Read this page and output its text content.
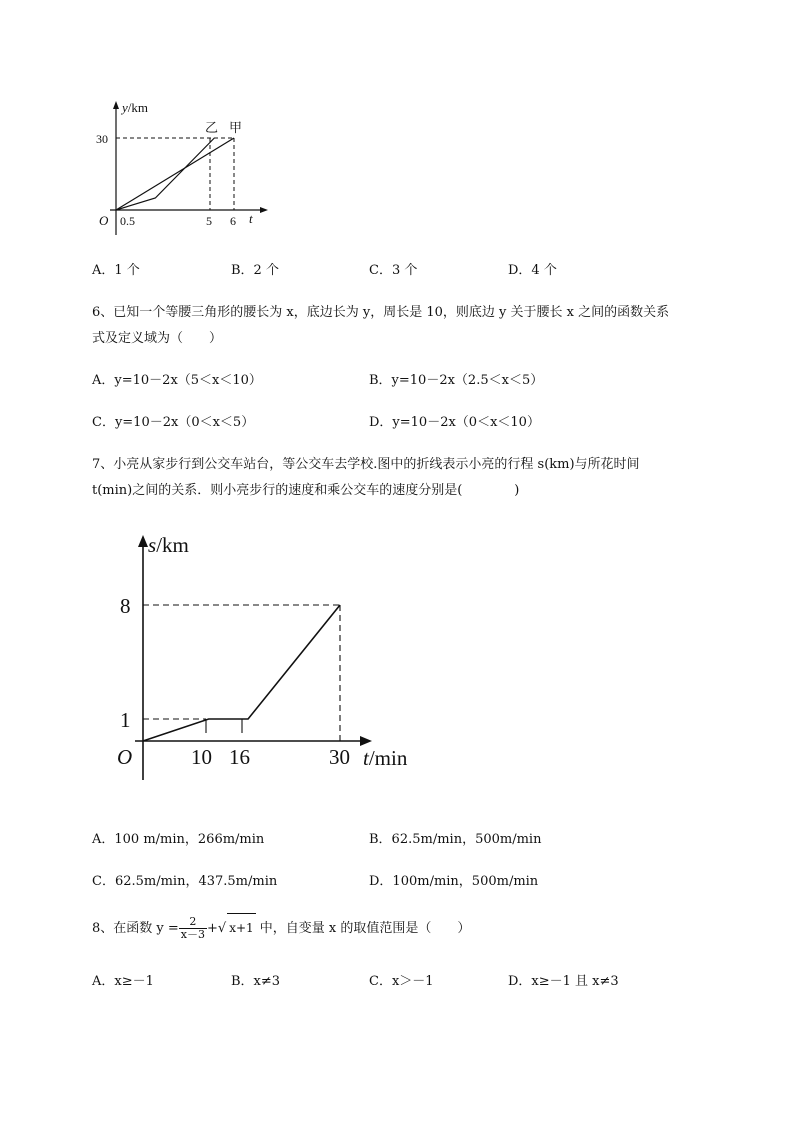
y/km
30
O 0.5	5 6 t
乙 甲
A．1 个	B．2 个	C．3 个	D．4 个
6、已知一个等腰三角形的腰长为 x，底边长为 y，周长是 10，则底边 y 关于腰长 x 之间的函数关系
式及定义域为（　　）
A．y=10－2x（5＜x＜10）	B．y=10－2x（2.5＜x＜5）
C．y=10－2x（0＜x＜5）	D．y=10－2x（0＜x＜10）
7、小亮从家步行到公交车站台，等公交车去学校.图中的折线表示小亮的行程 s(km)与所花时间
t(min)之间的关系．则小亮步行的速度和乘公交车的速度分别是(　　　　)
s/km
8
1
O	10 16	30 t/min
A．100 m/min，266m/min	B．62.5m/min，500m/min
C．62.5m/min，437.5m/min	D．100m/min，500m/min
8、在函数 $y = \frac{2}{x-3}$ +√ x+1 中，自变量 x 的取值范围是（　　）
A．x≥－1	B．x≠3	C．x＞－1	D．x≥－1 且 x≠3
